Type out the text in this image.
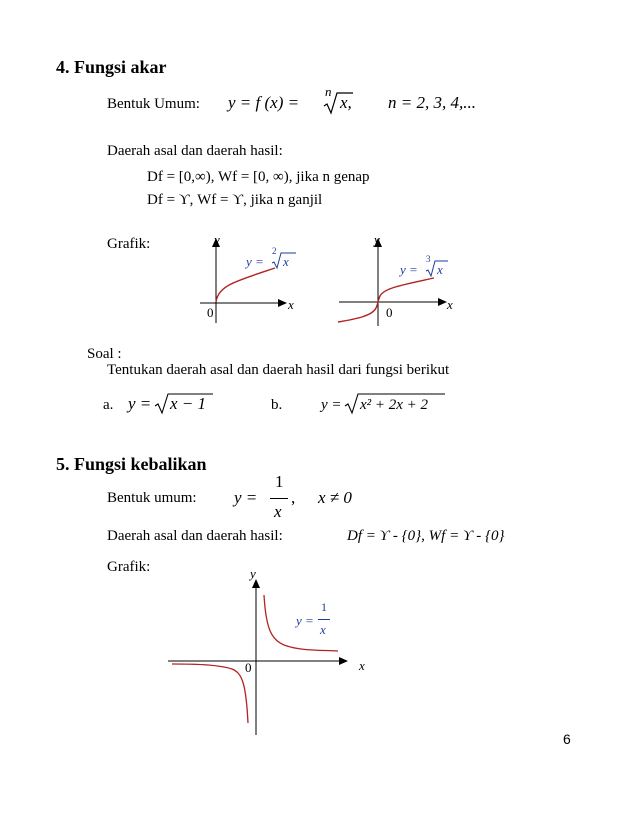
4. Fungsi akar
Bentuk Umum: y = f (x) =
n
x, n = 2, 3, 4,...
Daerah asal dan daerah hasil:
Df = [0,∞), Wf = [0, ∞), jika n genap
Df = ϒ, Wf = ϒ, jika n ganjil
Grafik:	y
x
0
y =
2
x
y
x
0
y =
3
x
Soal :
Tentukan daerah asal dan daerah hasil dari fungsi berikut
a. y = x − 1	b.	y = x² + 2x + 2
5. Fungsi kebalikan
Bentuk umum: y =
1
x
, x ≠ 0
Daerah asal dan daerah hasil:	Df = ϒ - {0}, Wf = ϒ - {0}
Grafik:	y
x
0
y =
1
x
6
